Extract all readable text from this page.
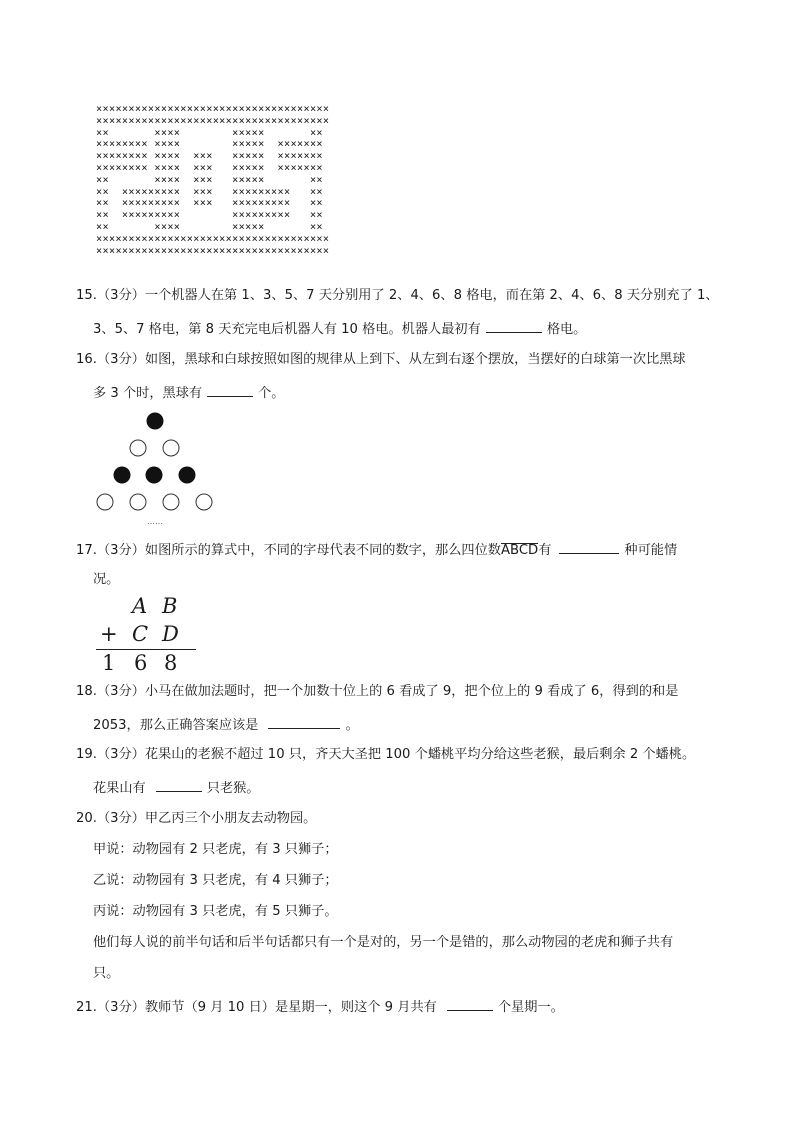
××××××××××××××××××××××××××××××××××××
××××××××××××××××××××××××××××××××××××
××       ××××        ×××××       ××
×××××××× ××××        ×××××  ×××××××
×××××××× ××××  ×××   ×××××  ×××××××
×××××××× ××××  ×××   ×××××  ×××××××
××       ××××  ×××   ×××××       ××
××  ×××××××××  ×××   ×××××××××   ××
××  ×××××××××  ×××   ×××××××××   ××
××  ×××××××××        ×××××××××   ××
××       ××××        ×××××       ××
××××××××××××××××××××××××××××××××××××
××××××××××××××××××××××××××××××××××××
15.（3分）一个机器人在第 1、3、5、7 天分别用了 2、4、6、8 格电，而在第 2、4、6、8 天分别充了 1、
3、5、7 格电，第 8 天充完电后机器人有 10 格电。机器人最初有	格电。
16.（3分）如图，黑球和白球按照如图的规律从上到下、从左到右逐个摆放，当摆好的白球第一次比黑球
多 3 个时，黑球有	个。
……
17.（3分）如图所示的算式中，不同的字母代表不同的数字，那么四位数ABCD有	种可能情
况。
A B
+ C D
1 6 8
18.（3分）小马在做加法题时，把一个加数十位上的 6 看成了 9，把个位上的 9 看成了 6，得到的和是
2053，那么正确答案应该是	。
19.（3分）花果山的老猴不超过 10 只，齐天大圣把 100 个蟠桃平均分给这些老猴，最后剩余 2 个蟠桃。
花果山有	只老猴。
20.（3分）甲乙丙三个小朋友去动物园。
甲说：动物园有 2 只老虎，有 3 只狮子；
乙说：动物园有 3 只老虎，有 4 只狮子；
丙说：动物园有 3 只老虎，有 5 只狮子。
他们每人说的前半句话和后半句话都只有一个是对的，另一个是错的，那么动物园的老虎和狮子共有
只。
21.（3分）教师节（9 月 10 日）是星期一，则这个 9 月共有	个星期一。
